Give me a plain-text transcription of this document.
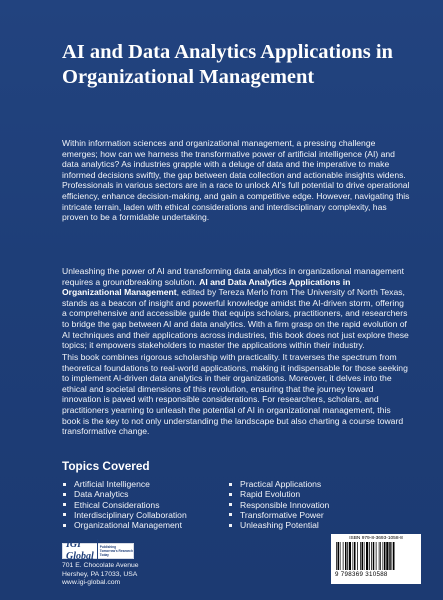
AI and Data Analytics Applications in Organizational Management

Within information sciences and organizational management, a pressing challenge emerges; how can we harness the transformative power of artificial intelligence (AI) and data analytics? As industries grapple with a deluge of data and the imperative to make informed decisions swiftly, the gap between data collection and actionable insights widens. Professionals in various sectors are in a race to unlock AI's full potential to drive operational efficiency, enhance decision-making, and gain a competitive edge. However, navigating this intricate terrain, laden with ethical considerations and interdisciplinary complexity, has proven to be a formidable undertaking.

Unleashing the power of AI and transforming data analytics in organizational management requires a groundbreaking solution. AI and Data Analytics Applications in Organizational Management, edited by Tereza Merlo from The University of North Texas, stands as a beacon of insight and powerful knowledge amidst the AI-driven storm, offering a comprehensive and accessible guide that equips scholars, practitioners, and researchers to bridge the gap between AI and data analytics. With a firm grasp on the rapid evolution of AI techniques and their applications across industries, this book does not just explore these topics; it empowers stakeholders to master the applications within their industry.

This book combines rigorous scholarship with practicality. It traverses the spectrum from theoretical foundations to real-world applications, making it indispensable for those seeking to implement AI-driven data analytics in their organizations. Moreover, it delves into the ethical and societal dimensions of this revolution, ensuring that the journey toward innovation is paved with responsible considerations. For researchers, scholars, and practitioners yearning to unleash the potential of AI in organizational management, this book is the key to not only understanding the landscape but also charting a course toward transformative change.

Topics Covered
Artificial Intelligence
Data Analytics
Ethical Considerations
Interdisciplinary Collaboration
Organizational Management
Practical Applications
Rapid Evolution
Responsible Innovation
Transformative Power
Unleashing Potential
IGI Global
Publishing Tomorrow's Research Today

701 E. Chocolate Avenue
Hershey, PA 17033, USA
www.igi-global.com

ISBN 979-8-3693-1058-8
9 798369 310588
